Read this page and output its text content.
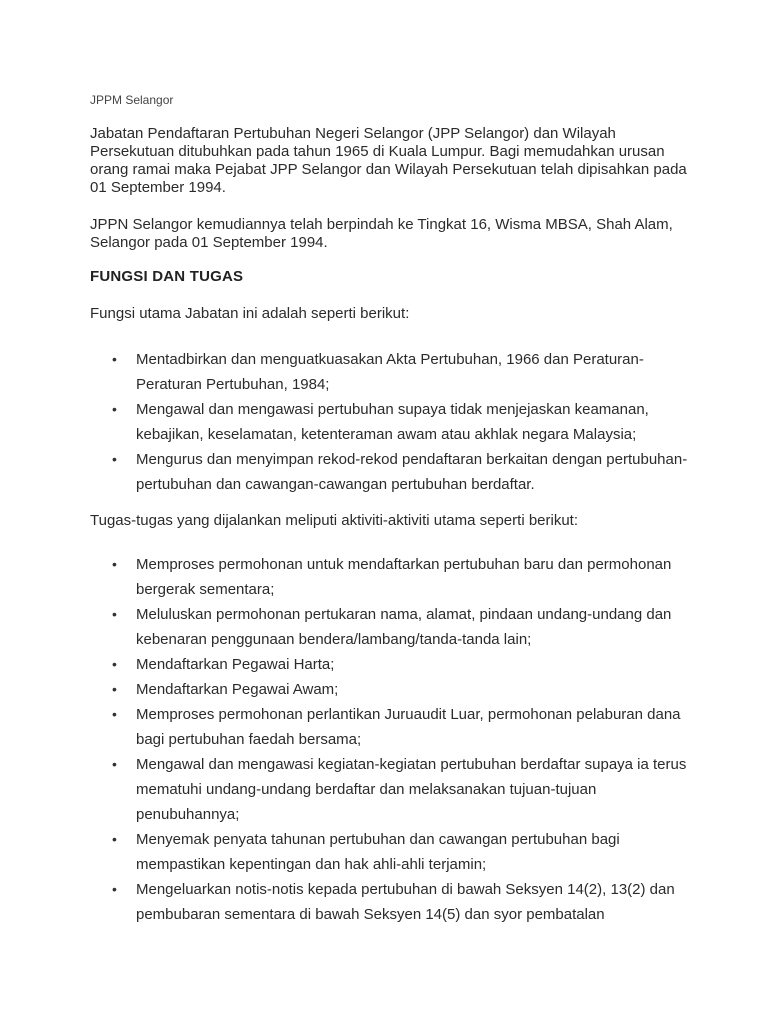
JPPM Selangor

Jabatan Pendaftaran Pertubuhan Negeri Selangor (JPP Selangor) dan Wilayah Persekutuan ditubuhkan pada tahun 1965 di Kuala Lumpur. Bagi memudahkan urusan orang ramai maka Pejabat JPP Selangor dan Wilayah Persekutuan telah dipisahkan pada 01 September 1994.

JPPN Selangor kemudiannya telah berpindah ke Tingkat 16, Wisma MBSA, Shah Alam, Selangor pada 01 September 1994.

FUNGSI DAN TUGAS

Fungsi utama Jabatan ini adalah seperti berikut:

• Mentadbirkan dan menguatkuasakan Akta Pertubuhan, 1966 dan Peraturan-Peraturan Pertubuhan, 1984;
• Mengawal dan mengawasi pertubuhan supaya tidak menjejaskan keamanan, kebajikan, keselamatan, ketenteraman awam atau akhlak negara Malaysia;
• Mengurus dan menyimpan rekod-rekod pendaftaran berkaitan dengan pertubuhan-pertubuhan dan cawangan-cawangan pertubuhan berdaftar.

Tugas-tugas yang dijalankan meliputi aktiviti-aktiviti utama seperti berikut:

• Memproses permohonan untuk mendaftarkan pertubuhan baru dan permohonan bergerak sementara;
• Meluluskan permohonan pertukaran nama, alamat, pindaan undang-undang dan kebenaran penggunaan bendera/lambang/tanda-tanda lain;
• Mendaftarkan Pegawai Harta;
• Mendaftarkan Pegawai Awam;
• Memproses permohonan perlantikan Juruaudit Luar, permohonan pelaburan dana bagi pertubuhan faedah bersama;
• Mengawal dan mengawasi kegiatan-kegiatan pertubuhan berdaftar supaya ia terus mematuhi undang-undang berdaftar dan melaksanakan tujuan-tujuan penubuhannya;
• Menyemak penyata tahunan pertubuhan dan cawangan pertubuhan bagi mempastikan kepentingan dan hak ahli-ahli terjamin;
• Mengeluarkan notis-notis kepada pertubuhan di bawah Seksyen 14(2), 13(2) dan pembubaran sementara di bawah Seksyen 14(5) dan syor pembatalan
